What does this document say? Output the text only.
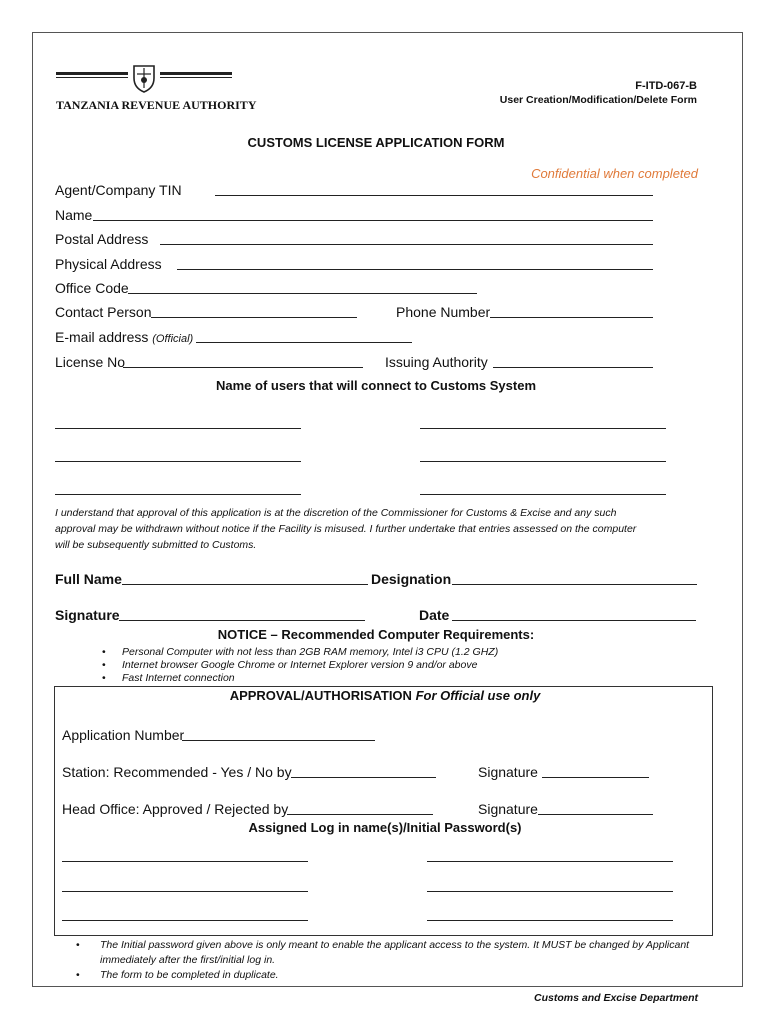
TANZANIA REVENUE AUTHORITY
F-ITD-067-B
User Creation/Modification/Delete Form
CUSTOMS LICENSE APPLICATION FORM
Confidential when completed
Agent/Company TIN
Name
Postal Address
Physical Address
Office Code
Contact Person	Phone Number
E-mail address (Official)
License No	Issuing Authority
Name of users that will connect to Customs System
I understand that approval of this application is at the discretion of the Commissioner for Customs & Excise and any such
approval may be withdrawn without notice if the Facility is misused. I further undertake that entries assessed on the computer
will be subsequently submitted to Customs.
Full Name	Designation
Signature	Date
NOTICE – Recommended Computer Requirements:
• Personal Computer with not less than 2GB RAM memory, Intel i3 CPU (1.2 GHZ)
• Internet browser Google Chrome or Internet Explorer version 9 and/or above
• Fast Internet connection
APPROVAL/AUTHORISATION For Official use only
Application Number
Station: Recommended - Yes / No by	Signature
Head Office: Approved / Rejected by	Signature
Assigned Log in name(s)/Initial Password(s)
• The Initial password given above is only meant to enable the applicant access to the system. It MUST be changed by Applicant immediately after the first/initial log in.
• The form to be completed in duplicate.
Customs and Excise Department
